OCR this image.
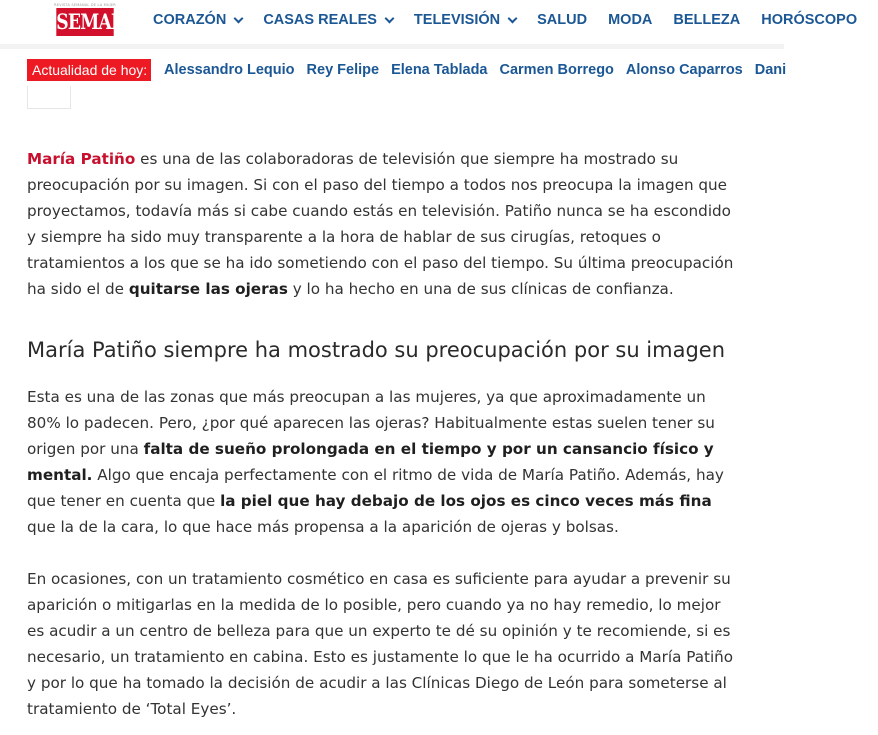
REVISTA SEMANAL DE LA MUJER
SEMANA CORAZÓN	CASAS REALES	TELEVISIÓN	SALUD MODA BELLEZA HORÓSCOPO
Actualidad de hoy: Alessandro Lequio Rey Felipe Elena Tablada Carmen Borrego Alonso Caparros Dani

María Patiño es una de las colaboradoras de televisión que siempre ha mostrado su preocupación por su imagen. Si con el paso del tiempo a todos nos preocupa la imagen que proyectamos, todavía más si cabe cuando estás en televisión. Patiño nunca se ha escondido y siempre ha sido muy transparente a la hora de hablar de sus cirugías, retoques o tratamientos a los que se ha ido sometiendo con el paso del tiempo. Su última preocupación ha sido el de quitarse las ojeras y lo ha hecho en una de sus clínicas de confianza.

María Patiño siempre ha mostrado su preocupación por su imagen

Esta es una de las zonas que más preocupan a las mujeres, ya que aproximadamente un 80% lo padecen. Pero, ¿por qué aparecen las ojeras? Habitualmente estas suelen tener su origen por una falta de sueño prolongada en el tiempo y por un cansancio físico y mental. Algo que encaja perfectamente con el ritmo de vida de María Patiño. Además, hay que tener en cuenta que la piel que hay debajo de los ojos es cinco veces más fina que la de la cara, lo que hace más propensa a la aparición de ojeras y bolsas.

En ocasiones, con un tratamiento cosmético en casa es suficiente para ayudar a prevenir su aparición o mitigarlas en la medida de lo posible, pero cuando ya no hay remedio, lo mejor es acudir a un centro de belleza para que un experto te dé su opinión y te recomiende, si es necesario, un tratamiento en cabina. Esto es justamente lo que le ha ocurrido a María Patiño y por lo que ha tomado la decisión de acudir a las Clínicas Diego de León para someterse al tratamiento de ‘Total Eyes’.
